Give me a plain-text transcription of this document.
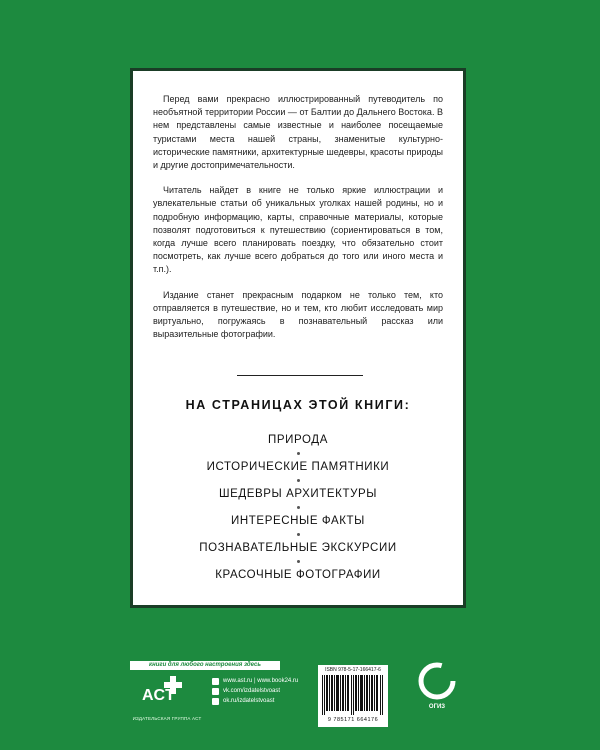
Перед вами прекрасно иллюстрированный путеводитель по необъятной территории России — от Балтии до Дальнего Востока. В нем представлены самые известные и наиболее посещаемые туристами места нашей страны, знаменитые культурно-исторические памятники, архитектурные шедевры, красоты природы и другие достопримечательности.

Читатель найдет в книге не только яркие иллюстрации и увлекательные статьи об уникальных уголках нашей родины, но и подробную информацию, карты, справочные материалы, которые позволят подготовиться к путешествию (сориентироваться в том, когда лучше всего планировать поездку, что обязательно стоит посмотреть, как лучше всего добраться до того или иного места и т.п.).

Издание станет прекрасным подарком не только тем, кто отправляется в путешествие, но и тем, кто любит исследовать мир виртуально, погружаясь в познавательный рассказ или выразительные фотографии.

НА СТРАНИЦАХ ЭТОЙ КНИГИ:
ПРИРОДА
ИСТОРИЧЕСКИЕ ПАМЯТНИКИ
ШЕДЕВРЫ АРХИТЕКТУРЫ
ИНТЕРЕСНЫЕ ФАКТЫ
ПОЗНАВАТЕЛЬНЫЕ ЭКСКУРСИИ
КРАСОЧНЫЕ ФОТОГРАФИИ
книги для любого настроения здесь
ACT
ИЗДАТЕЛЬСКАЯ ГРУППА АСТ
www.ast.ru | www.book24.ru
vk.com/izdatelstvoast
ok.ru/izdatelstvoast
ISBN 978-5-17-166417-6
9 785171 664176
ОГИЗ
